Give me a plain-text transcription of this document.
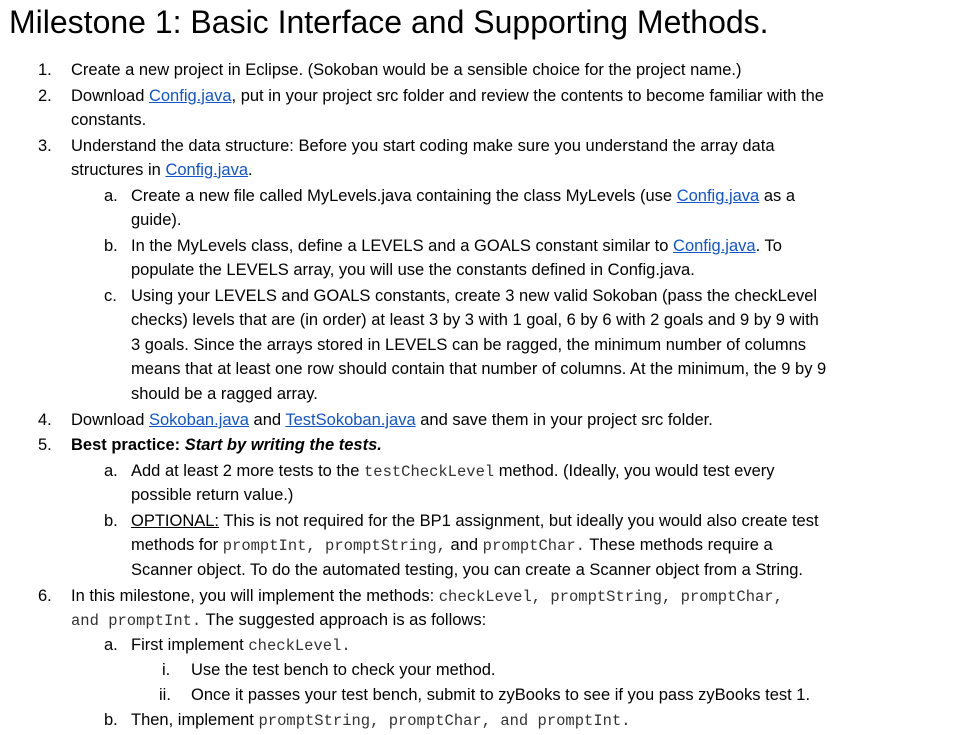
Milestone 1: Basic Interface and Supporting Methods.
1. Create a new project in Eclipse. (Sokoban would be a sensible choice for the project name.)
2. Download Config.java, put in your project src folder and review the contents to become familiar with the
constants.
3. Understand the data structure: Before you start coding make sure you understand the array data
structures in Config.java.
a. Create a new file called MyLevels.java containing the class MyLevels (use Config.java as a
guide).
b. In the MyLevels class, define a LEVELS and a GOALS constant similar to Config.java. To
populate the LEVELS array, you will use the constants defined in Config.java.
c. Using your LEVELS and GOALS constants, create 3 new valid Sokoban (pass the checkLevel
checks) levels that are (in order) at least 3 by 3 with 1 goal, 6 by 6 with 2 goals and 9 by 9 with
3 goals. Since the arrays stored in LEVELS can be ragged, the minimum number of columns
means that at least one row should contain that number of columns. At the minimum, the 9 by 9
should be a ragged array.
4. Download Sokoban.java and TestSokoban.java and save them in your project src folder.
5. Best practice: Start by writing the tests.
a. Add at least 2 more tests to the testCheckLevel method. (Ideally, you would test every
possible return value.)
b. OPTIONAL: This is not required for the BP1 assignment, but ideally you would also create test
methods for promptInt, promptString, and promptChar. These methods require a
Scanner object. To do the automated testing, you can create a Scanner object from a String.
6. In this milestone, you will implement the methods: checkLevel, promptString, promptChar,
and promptInt. The suggested approach is as follows:
a. First implement checkLevel.
i. Use the test bench to check your method.
ii. Once it passes your test bench, submit to zyBooks to see if you pass zyBooks test 1.
b. Then, implement promptString, promptChar, and promptInt.
